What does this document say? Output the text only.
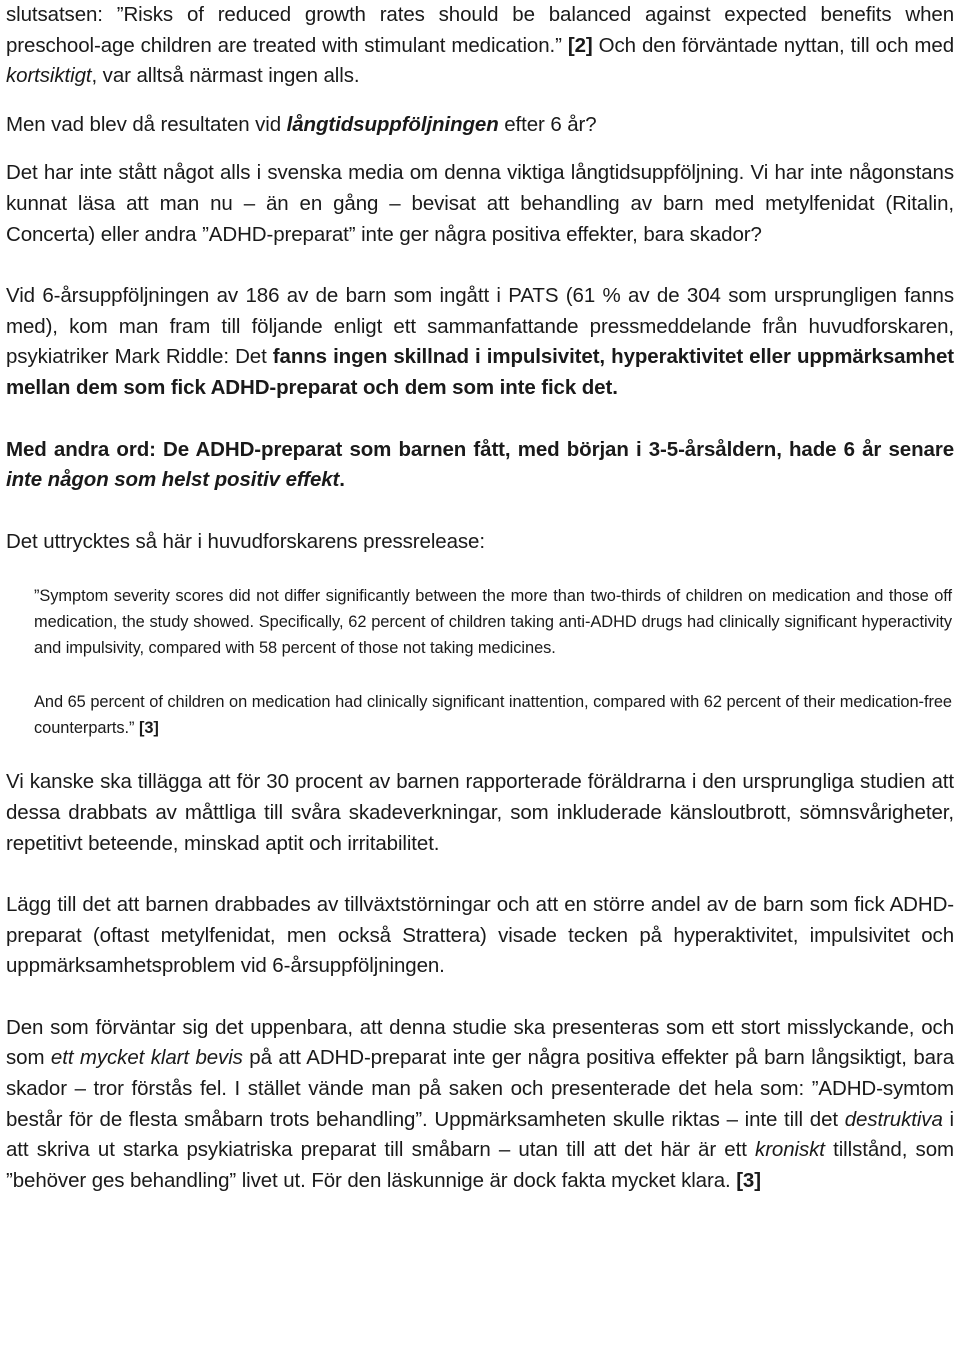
slutsatsen: ”Risks of reduced growth rates should be balanced against expected benefits when preschool-age children are treated with stimulant medication.” [2] Och den förväntade nyttan, till och med kortsiktigt, var alltså närmast ingen alls.

Men vad blev då resultaten vid långtidsuppföljningen efter 6 år?

Det har inte stått något alls i svenska media om denna viktiga långtidsuppföljning. Vi har inte någonstans kunnat läsa att man nu – än en gång – bevisat att behandling av barn med metylfenidat (Ritalin, Concerta) eller andra ”ADHD-preparat” inte ger några positiva effekter, bara skador?

Vid 6-årsuppföljningen av 186 av de barn som ingått i PATS (61 % av de 304 som ursprungligen fanns med), kom man fram till följande enligt ett sammanfattande pressmeddelande från huvudforskaren, psykiatriker Mark Riddle: Det fanns ingen skillnad i impulsivitet, hyperaktivitet eller uppmärksamhet mellan dem som fick ADHD-preparat och dem som inte fick det.

Med andra ord: De ADHD-preparat som barnen fått, med början i 3-5-årsåldern, hade 6 år senare inte någon som helst positiv effekt.

Det uttrycktes så här i huvudforskarens pressrelease:

”Symptom severity scores did not differ significantly between the more than two-thirds of children on medication and those off medication, the study showed. Specifically, 62 percent of children taking anti-ADHD drugs had clinically significant hyperactivity and impulsivity, compared with 58 percent of those not taking medicines.

And 65 percent of children on medication had clinically significant inattention, compared with 62 percent of their medication-free counterparts.” [3]

Vi kanske ska tillägga att för 30 procent av barnen rapporterade föräldrarna i den ursprungliga studien att dessa drabbats av måttliga till svåra skadeverkningar, som inkluderade känsloutbrott, sömnsvårigheter, repetitivt beteende, minskad aptit och irritabilitet.

Lägg till det att barnen drabbades av tillväxtstörningar och att en större andel av de barn som fick ADHD-preparat (oftast metylfenidat, men också Strattera) visade tecken på hyperaktivitet, impulsivitet och uppmärksamhetsproblem vid 6-årsuppföljningen.

Den som förväntar sig det uppenbara, att denna studie ska presenteras som ett stort misslyckande, och som ett mycket klart bevis på att ADHD-preparat inte ger några positiva effekter på barn långsiktigt, bara skador – tror förstås fel. I stället vände man på saken och presenterade det hela som: ”ADHD-symtom består för de flesta småbarn trots behandling”. Uppmärksamheten skulle riktas – inte till det destruktiva i att skriva ut starka psykiatriska preparat till småbarn – utan till att det här är ett kroniskt tillstånd, som ”behöver ges behandling” livet ut. För den läskunnige är dock fakta mycket klara. [3]
